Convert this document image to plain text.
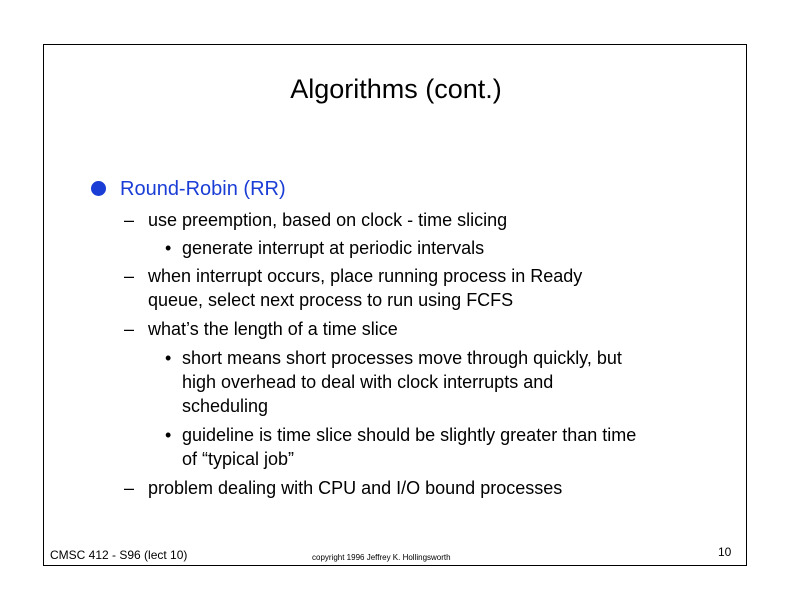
Algorithms (cont.)
Round-Robin (RR)
– use preemption, based on clock - time slicing
• generate interrupt at periodic intervals
– when interrupt occurs, place running process in Ready
queue, select next process to run using FCFS
– what’s the length of a time slice
• short means short processes move through quickly, but
high overhead to deal with clock interrupts and
scheduling
• guideline is time slice should be slightly greater than time
of “typical job”
– problem dealing with CPU and I/O bound processes
CMSC 412 - S96 (lect 10)	copyright 1996 Jeffrey K. Hollingsworth	10
